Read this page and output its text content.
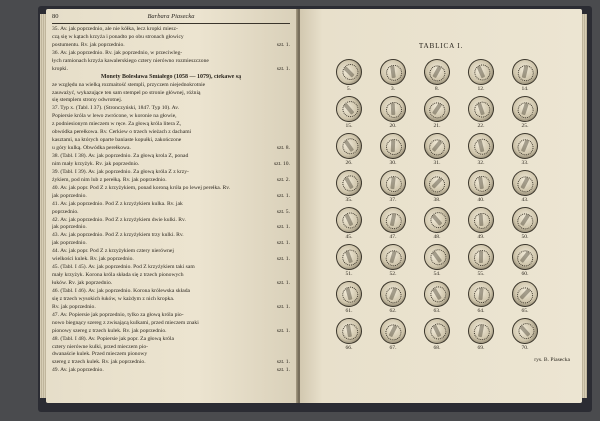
80	Barbara Piasecka
35. Av. jak poprzednio, ale nie kółka, lecz kropki miesz-
czą się w kątach krzyża i ponadto po obu stronach głowicy
postumentu. Rv. jak poprzednio.	szt. 1.
36. Av. jak poprzednio. Rv. jak poprzednio, w przeciwleg-
łych ramionach krzyża kawalerskiego cztery nierówno rozmieszczone
kropki.	szt. 1.
Monety Bolesława Śmiałego (1058 — 1079), ciekawe są
ze względu na wielką rozmaitość stempli, przyczem niejednokrotnie
zauważyć, wykazujące ten sam stempel po stronie głównej, różnią
się stemplem strony odwrotnej.
37. Typ x. (Tabl. I 37). (Stronczyński, 1847. Typ 10). Av.
Popiersie króla w lewo zwrócone, w koronie na głowie,
z podniesionym mieczem w ręce. Za głową króla litera Z,
obwódka perełkowa. Rv. Cerkiew o trzech wieżach z dachami
kasztami, na których oparte baniaste kopułki, zakończone
u góry kulką. Obwódka perełkowa.	szt. 8.
38. (Tabl. I 38). Av. jak poprzednio. Za głową krola Z, ponad
nim mały krzyżyk. Rv. jak poprzednio.	szt. 10.
39. (Tabl. I 39). Av. jak poprzednio. Za głową króla Z z krzy-
żykiem, pod nim lub z perełką. Rv. jak poprzednio.	szt. 2.
40. Av. jak popr. Pod Z z krzyżykiem, ponad koroną króla po lewej perełka. Rv.
jak poprzednio.	szt. 1.
41. Av. jak poprzednio. Pod Z z krzyżykiem kulka. Rv. jak
poprzednio.	szt. 5.
42. Av. jak poprzednio. Pod Z z krzyżykiem dwie kulki. Rv.
jak poprzednio.	szt. 1.
43. Av. jak poprzednio. Pod Z z krzyżykiem trzy kulki. Rv.
jak poprzednio.	szt. 1.
44. Av. jak popr. Pod Z z krzyżykiem cztery nierównej
wielkości kulek. Rv. jak poprzednio.	szt. 1.
45. (Tabl. I 45). Av. jak poprzednio. Pod Z krzyżykiem taki sam
mały krzyżyk. Korona króla składa się z trzech pionowych
łuków. Rv. jak poprzednio.	szt. 1.
46. (Tabl. I 46). Av. jak poprzednio. Korona królewska składa
się z trzech wysokich łuków, w każdym z nich kropka.
Rv. jak poprzednio.	szt. 1.
47. Av. Popiersie jak poprzednio, tylko za głową króla pio-
nowo biegnący szereg z zwisającą kulkami, przed mieczem znaki
pionowy szereg z trzech kulek. Rv. jak poprzednio.	szt. 1.
48. (Tabl. I 48). Av. Popiersie jak popr. Za głową króla
cztery nierówne kulki, przed mieczem pio-
dwanaście kulek. Przed mieczem pionowy
szereg z trzech kulek. Rv. jak poprzednio.	szt. 1.
49. Av. jak poprzednio.	szt. 1.
TABLICA I.
5.	3.	8.	12.	14.
15.	20.	21.	22.	25.
26.	30.	31.	32.	33.
35.	37.	38.	40.	43.
45.	47.	48.	49.	50.
51.	52.	54.	55.	60.
61.	62.	63.	64.	65.
66.	67.	68.	69.	70.
rys. B. Piasecka
